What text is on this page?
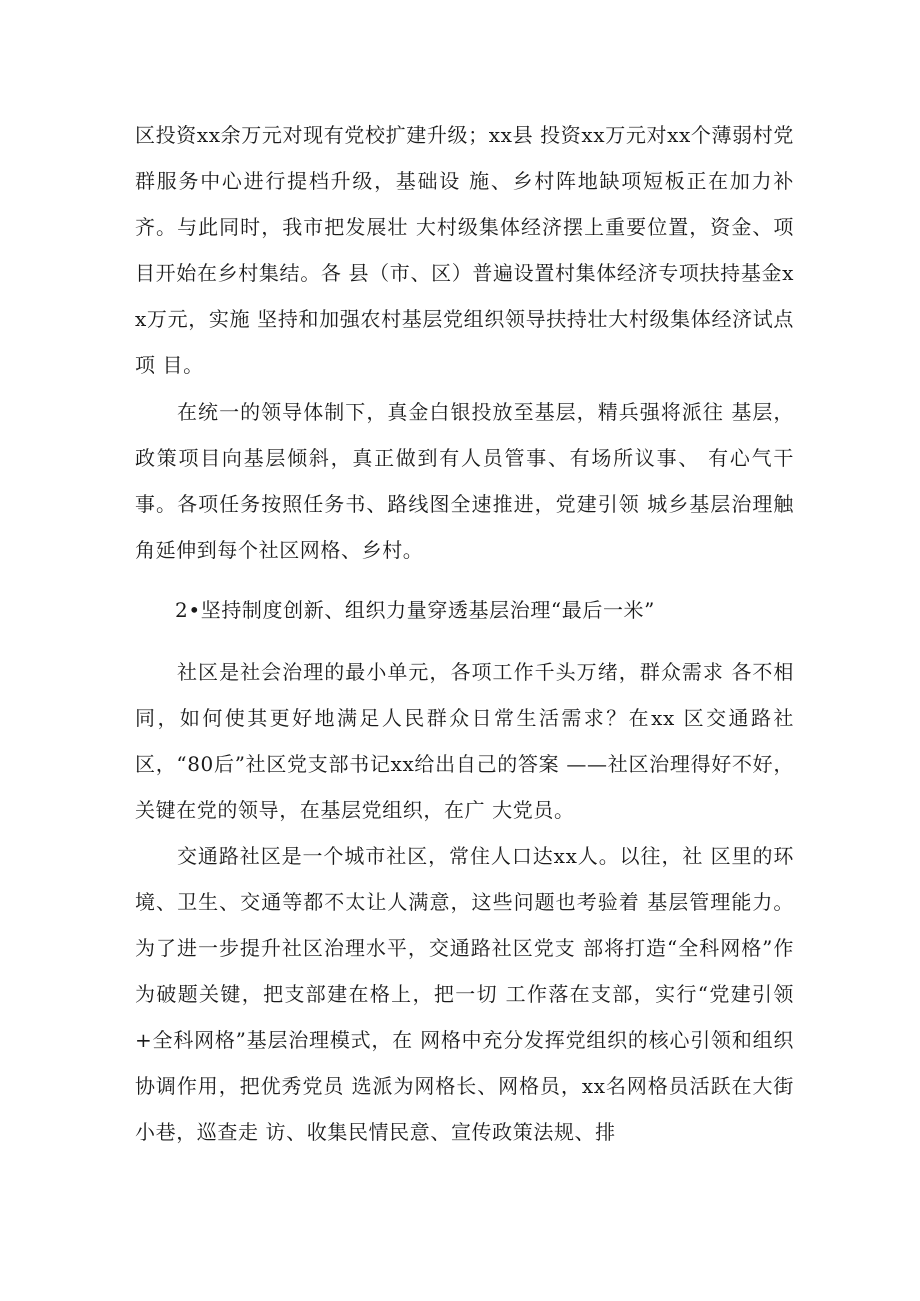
区投资xx余万元对现有党校扩建升级；xx县 投资xx万元对xx个薄弱村党群服务中心进行提档升级，基础设 施、乡村阵地缺项短板正在加力补齐。与此同时，我市把发展壮 大村级集体经济摆上重要位置，资金、项目开始在乡村集结。各 县（市、区）普遍设置村集体经济专项扶持基金xx万元，实施 坚持和加强农村基层党组织领导扶持壮大村级集体经济试点项 目。

在统一的领导体制下，真金白银投放至基层，精兵强将派往 基层，政策项目向基层倾斜，真正做到有人员管事、有场所议事、 有心气干事。各项任务按照任务书、路线图全速推进，党建引领 城乡基层治理触角延伸到每个社区网格、乡村。

2•坚持制度创新、组织力量穿透基层治理“最后一米”

社区是社会治理的最小单元，各项工作千头万绪，群众需求 各不相同，如何使其更好地满足人民群众日常生活需求？在xx 区交通路社区，“80后”社区党支部书记xx给出自己的答案 ——社区治理得好不好，关键在党的领导，在基层党组织，在广 大党员。

交通路社区是一个城市社区，常住人口达xx人。以往，社 区里的环境、卫生、交通等都不太让人满意，这些问题也考验着 基层管理能力。为了进一步提升社区治理水平，交通路社区党支 部将打造“全科网格”作为破题关键，把支部建在格上，把一切 工作落在支部，实行“党建引领+全科网格”基层治理模式，在 网格中充分发挥党组织的核心引领和组织协调作用，把优秀党员 选派为网格长、网格员，xx名网格员活跃在大街小巷，巡查走 访、收集民情民意、宣传政策法规、排
